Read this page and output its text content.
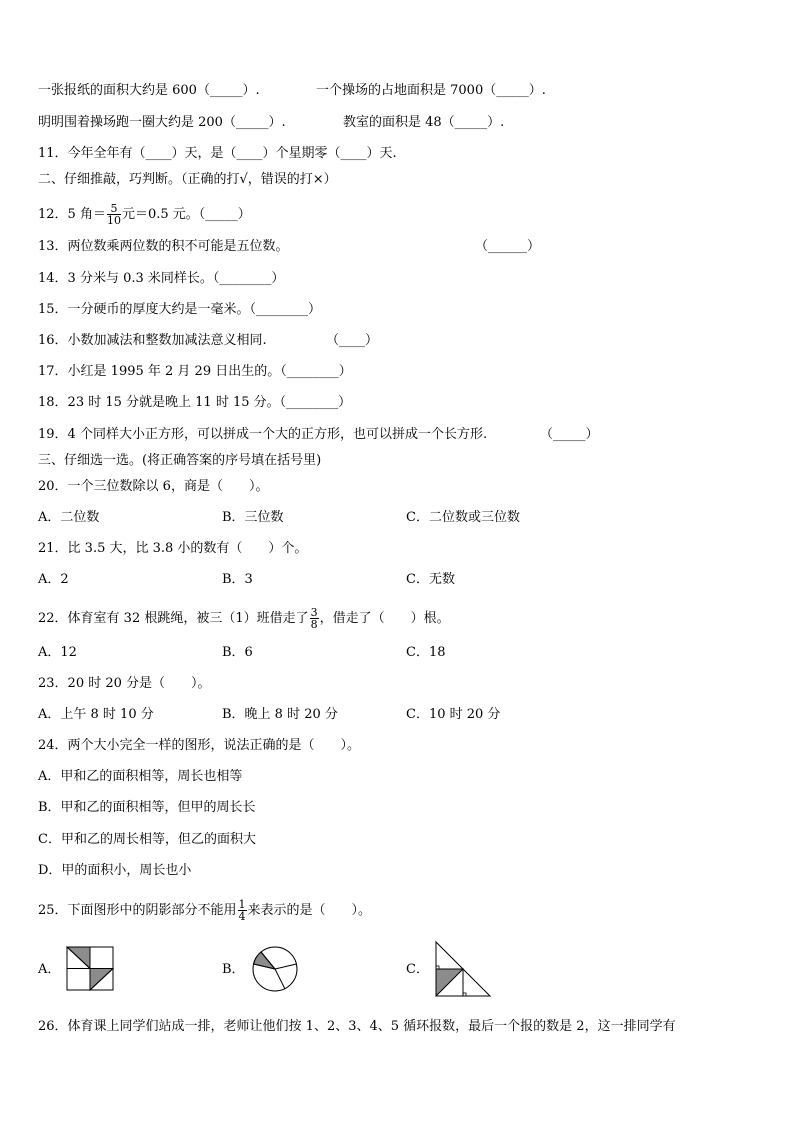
一张报纸的面积大约是 600（_____）.	一个操场的占地面积是 7000（_____）.
明明围着操场跑一圈大约是 200（_____）.	教室的面积是 48（_____）.
11．今年全年有（____）天，是（____）个星期零（____）天.
二、仔细推敲，巧判断。（正确的打√，错误的打×）
12．5 角＝ $\frac{5}{10}$ 元＝0.5 元。（_____）
13．两位数乘两位数的积不可能是五位数。	（______）
14．3 分米与 0.3 米同样长。（________）
15．一分硬币的厚度大约是一毫米。（________）
16．小数加减法和整数加减法意义相同.	（____）
17．小红是 1995 年 2 月 29 日出生的。（________）
18．23 时 15 分就是晚上 11 时 15 分。（________）
19．4 个同样大小正方形，可以拼成一个大的正方形，也可以拼成一个长方形.	（_____）
三、仔细选一选。(将正确答案的序号填在括号里)
20．一个三位数除以 6，商是（　　）。
A．二位数	B．三位数	C．二位数或三位数
21．比 3.5 大，比 3.8 小的数有（　　）个。
A．2	B．3	C．无数
22．体育室有 32 根跳绳，被三（1）班借走了 $\frac{3}{8}$ ，借走了（　　）根。
A．12	B．6	C．18
23．20 时 20 分是（　　）。
A．上午 8 时 10 分	B．晚上 8 时 20 分	C．10 时 20 分
24．两个大小完全一样的图形，说法正确的是（　　）。
A．甲和乙的面积相等，周长也相等
B．甲和乙的面积相等，但甲的周长长
C．甲和乙的周长相等，但乙的面积大
D．甲的面积小，周长也小
25．下面图形中的阴影部分不能用 $\frac{1}{4}$ 来表示的是（　　）。
A．	B．	C．
26．体育课上同学们站成一排，老师让他们按 1、2、3、4、5 循环报数，最后一个报的数是 2，这一排同学有
